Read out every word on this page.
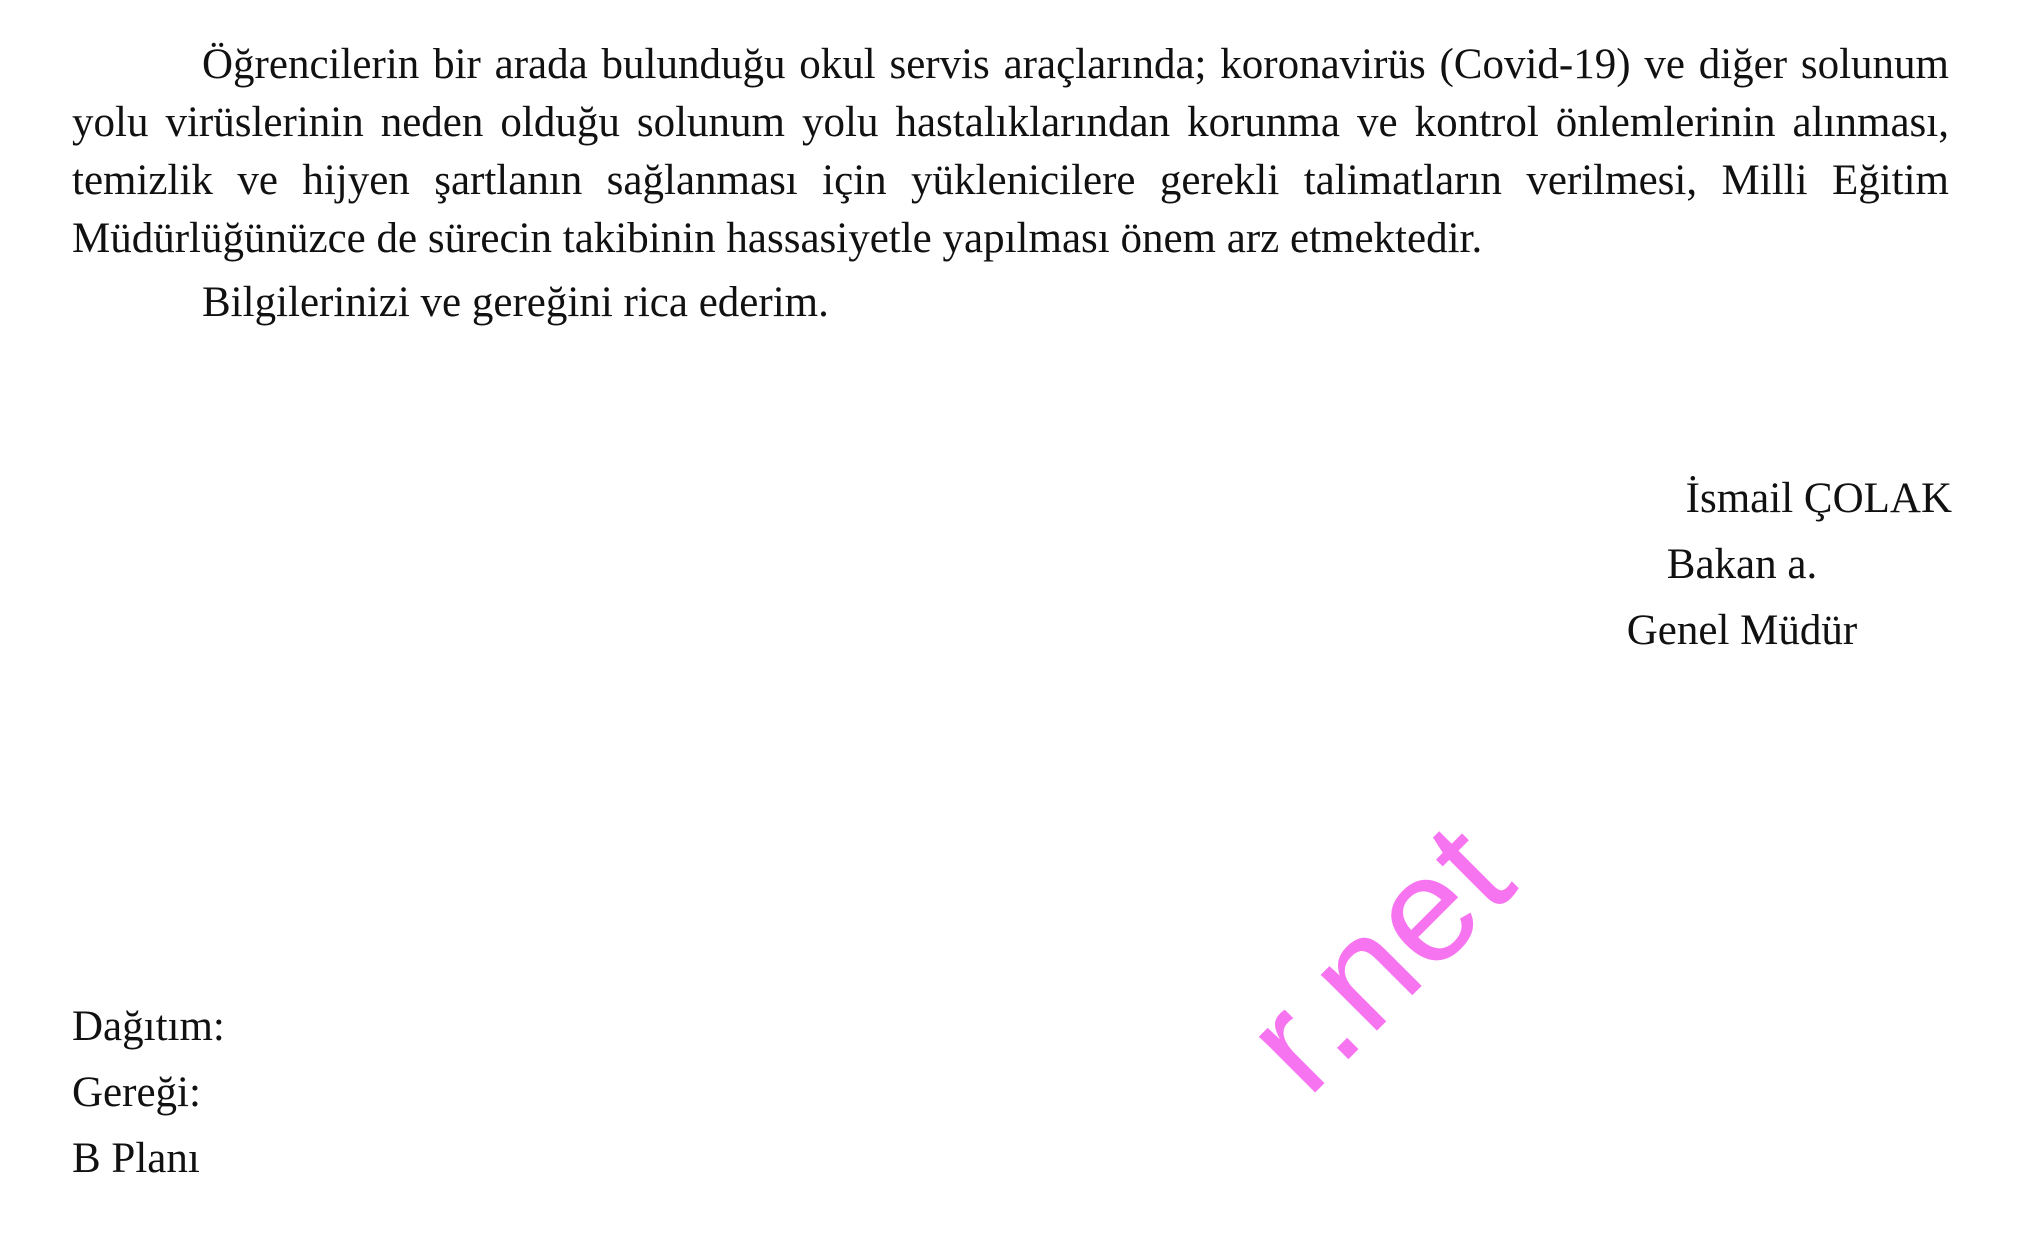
Öğrencilerin bir arada bulunduğu okul servis araçlarında; koronavirüs (Covid-19) ve diğer solunum yolu virüslerinin neden olduğu solunum yolu hastalıklarından korunma ve kontrol önlemlerinin alınması, temizlik ve hijyen şartlanın sağlanması için yüklenicilere gerekli talimatların verilmesi, Milli Eğitim Müdürlüğünüzce de sürecin takibinin hassasiyetle yapılması önem arz etmektedir.

Bilgilerinizi ve gereğini rica ederim.

İsmail ÇOLAK
Bakan a.
Genel Müdür
Dağıtım:
Gereği:
B Planı
r.net
